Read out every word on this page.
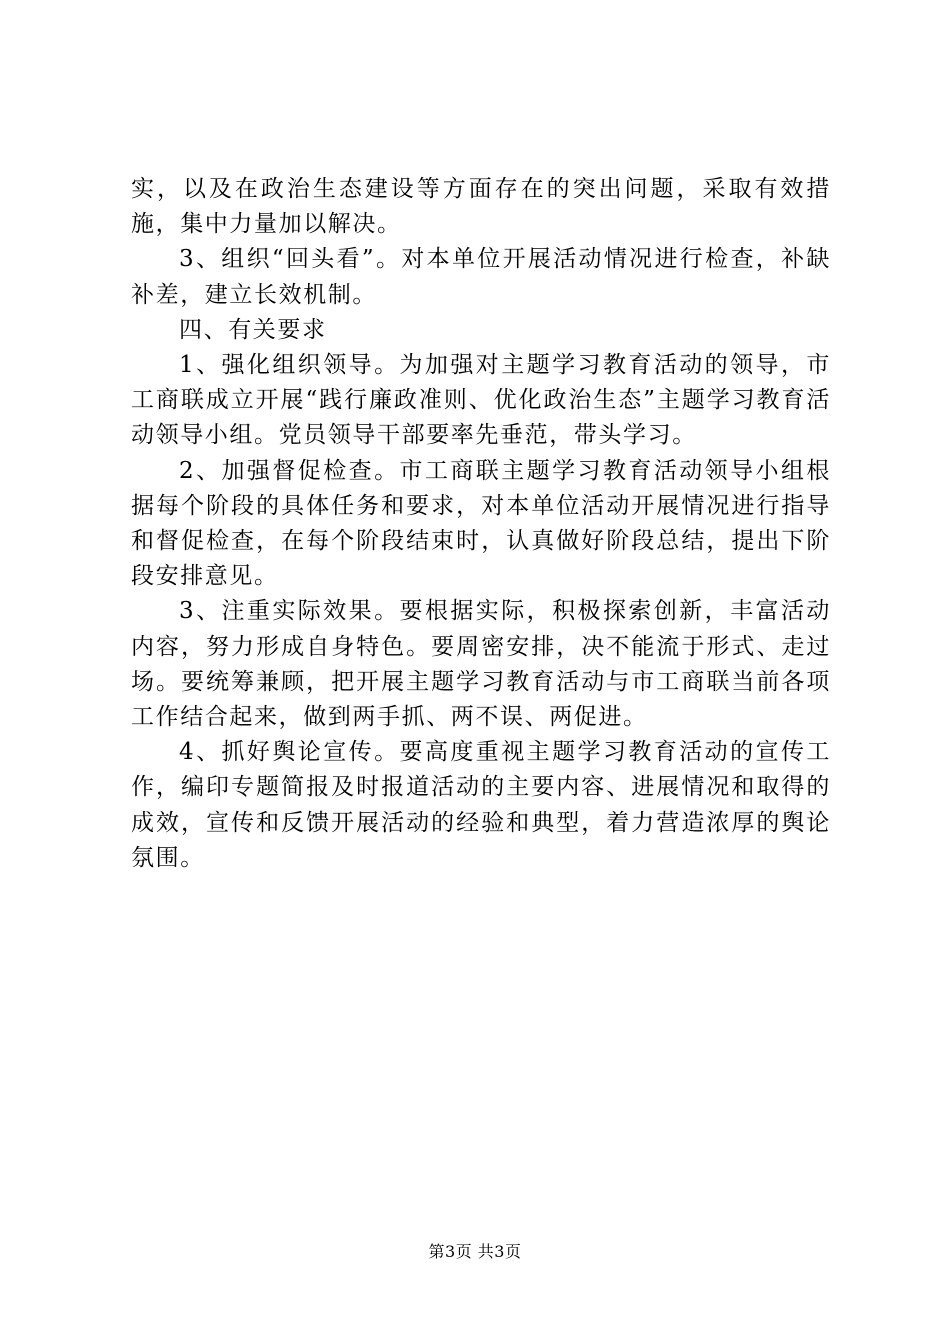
实，以及在政治生态建设等方面存在的突出问题，采取有效措施，集中力量加以解决。

3、组织“回头看”。对本单位开展活动情况进行检查，补缺补差，建立长效机制。

四、有关要求

1、强化组织领导。为加强对主题学习教育活动的领导，市工商联成立开展“践行廉政准则、优化政治生态”主题学习教育活动领导小组。党员领导干部要率先垂范，带头学习。

2、加强督促检查。市工商联主题学习教育活动领导小组根据每个阶段的具体任务和要求，对本单位活动开展情况进行指导和督促检查，在每个阶段结束时，认真做好阶段总结，提出下阶段安排意见。

3、注重实际效果。要根据实际，积极探索创新，丰富活动内容，努力形成自身特色。要周密安排，决不能流于形式、走过场。要统筹兼顾，把开展主题学习教育活动与市工商联当前各项工作结合起来，做到两手抓、两不误、两促进。

4、抓好舆论宣传。要高度重视主题学习教育活动的宣传工作，编印专题简报及时报道活动的主要内容、进展情况和取得的成效，宣传和反馈开展活动的经验和典型，着力营造浓厚的舆论氛围。

第3页 共3页
